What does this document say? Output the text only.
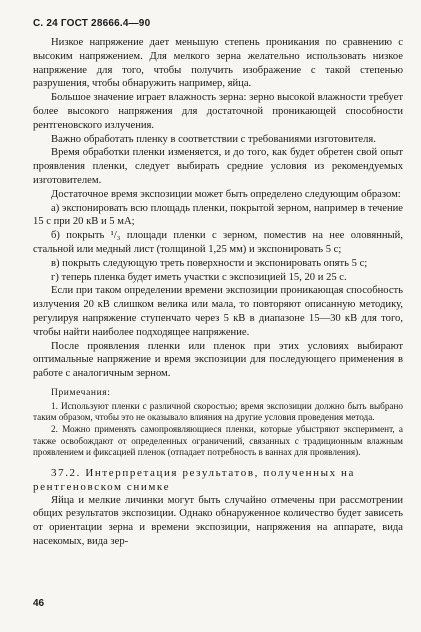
С. 24 ГОСТ 28666.4—90

Низкое напряжение дает меньшую степень проникания по сравнению с высоким напряжением. Для мелкого зерна желательно использовать низкое напряжение для того, чтобы получить изображение с такой степенью разрушения, чтобы обнаружить например, яйца.

Большое значение играет влажность зерна: зерно высокой влажности требует более высокого напряжения для достаточной проникающей способности рентгеновского излучения.

Важно обработать пленку в соответствии с требованиями изготовителя.

Время обработки пленки изменяется, и до того, как будет обретен свой опыт проявления пленки, следует выбирать средние условия из рекомендуемых изготовителем.

Достаточное время экспозиции может быть определено следующим образом:

а) экспонировать всю площадь пленки, покрытой зерном, например в течение 15 с при 20 кВ и 5 мА;

б) покрыть ¹/₃ площади пленки с зерном, поместив на нее оловянный, стальной или медный лист (толщиной 1,25 мм) и экспонировать 5 с;

в) покрыть следующую треть поверхности и экспонировать опять 5 с;

г) теперь пленка будет иметь участки с экспозицией 15, 20 и 25 с.

Если при таком определении времени экспозиции проникающая способность излучения 20 кВ слишком велика или мала, то повторяют описанную методику, регулируя напряжение ступенчато через 5 кВ в диапазоне 15—30 кВ для того, чтобы найти наиболее подходящее напряжение.

После проявления пленки или пленок при этих условиях выбирают оптимальные напряжение и время экспозиции для последующего применения в работе с аналогичным зерном.

Примечания:
1. Используют пленки с различной скоростью; время экспозиции должно быть выбрано таким образом, чтобы это не оказывало влияния на другие условия проведения метода.
2. Можно применять самопроявляющиеся пленки, которые убыстряют эксперимент, а также освобождают от определенных ограничений, связанных с традиционным влажным проявлением и фиксацией пленок (отпадает потребность в ваннах для проявления).
37.2. Интерпретация результатов, полученных на рентгеновском снимке

Яйца и мелкие личинки могут быть случайно отмечены при рассмотрении общих результатов экспозиции. Однако обнаруженное количество будет зависеть от ориентации зерна и времени экспозиции, напряжения на аппарате, вида насекомых, вида зер-

46
